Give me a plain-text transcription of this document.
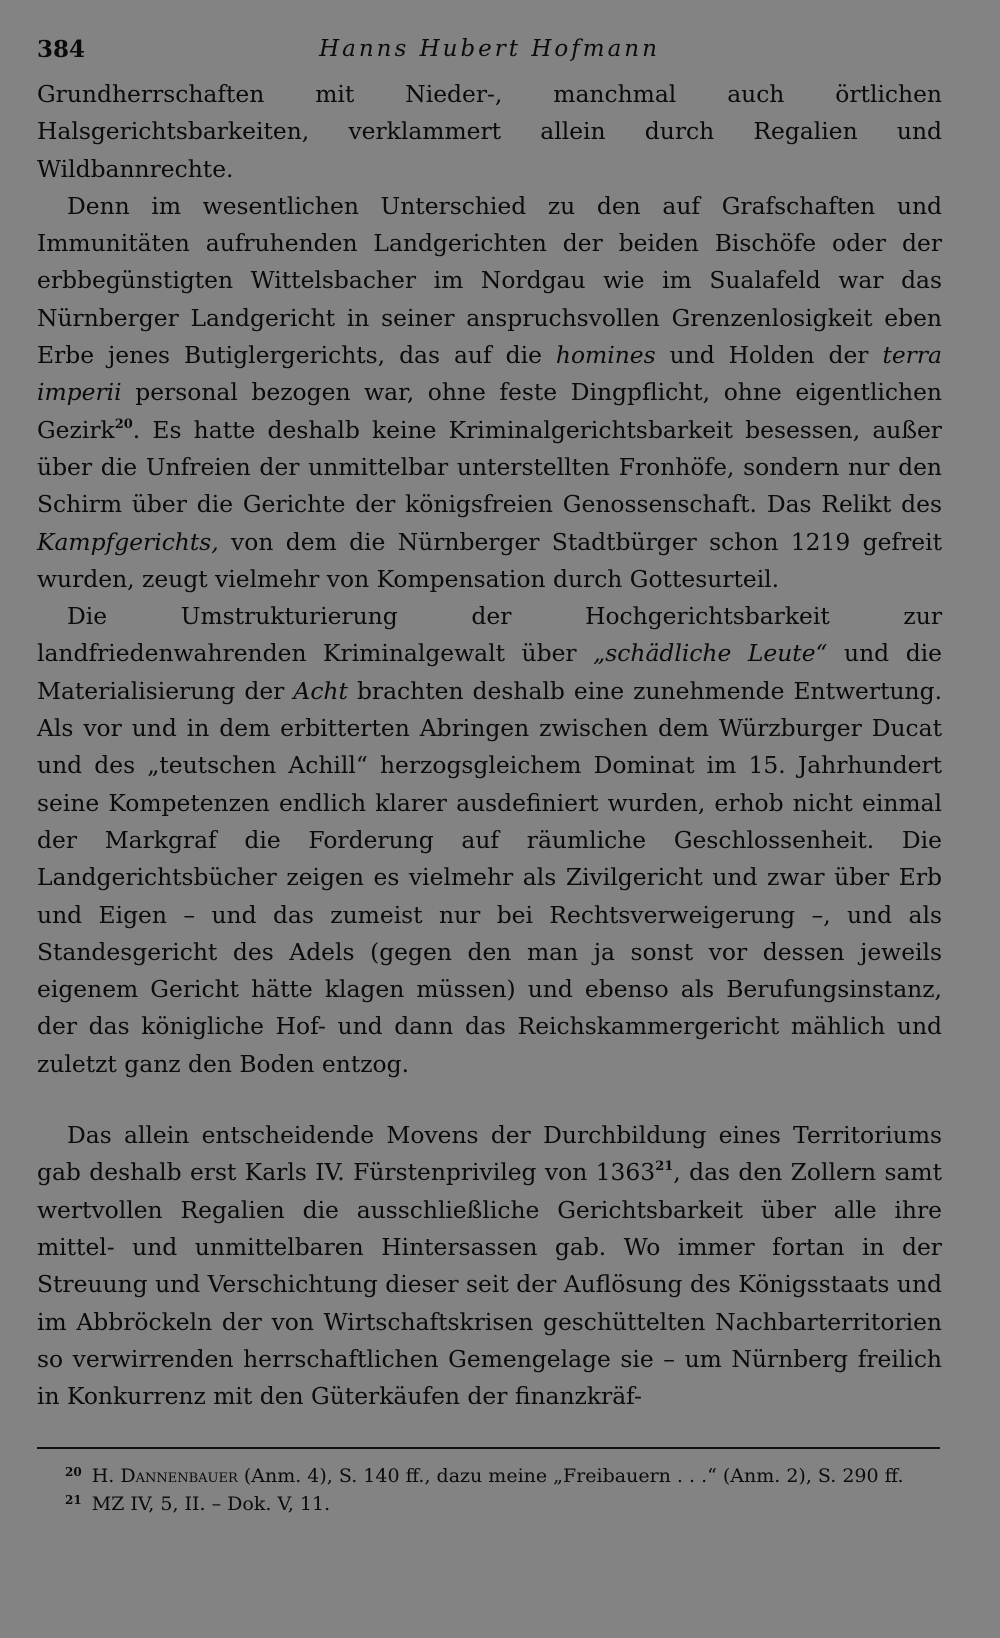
384	Hanns Hubert Hofmann

Grundherrschaften mit Nieder-, manchmal auch örtlichen Halsgerichtsbarkeiten, verklammert allein durch Regalien und Wildbannrechte.

Denn im wesentlichen Unterschied zu den auf Grafschaften und Immunitäten aufruhenden Landgerichten der beiden Bischöfe oder der erbbegünstigten Wittelsbacher im Nordgau wie im Sualafeld war das Nürnberger Landgericht in seiner anspruchsvollen Grenzenlosigkeit eben Erbe jenes Butiglergerichts, das auf die homines und Holden der terra imperii personal bezogen war, ohne feste Dingpflicht, ohne eigentlichen Gezirk$^{20}$. Es hatte deshalb keine Kriminalgerichtsbarkeit besessen, außer über die Unfreien der unmittelbar unterstellten Fronhöfe, sondern nur den Schirm über die Gerichte der königsfreien Genossenschaft. Das Relikt des Kampfgerichts, von dem die Nürnberger Stadtbürger schon 1219 gefreit wurden, zeugt vielmehr von Kompensation durch Gottesurteil.

Die Umstrukturierung der Hochgerichtsbarkeit zur landfriedenwahrenden Kriminalgewalt über „schädliche Leute“ und die Materialisierung der Acht brachten deshalb eine zunehmende Entwertung. Als vor und in dem erbitterten Abringen zwischen dem Würzburger Ducat und des „teutschen Achill“ herzogsgleichem Dominat im 15. Jahrhundert seine Kompetenzen endlich klarer ausdefiniert wurden, erhob nicht einmal der Markgraf die Forderung auf räumliche Geschlossenheit. Die Landgerichtsbücher zeigen es vielmehr als Zivilgericht und zwar über Erb und Eigen – und das zumeist nur bei Rechtsverweigerung –, und als Standesgericht des Adels (gegen den man ja sonst vor dessen jeweils eigenem Gericht hätte klagen müssen) und ebenso als Berufungsinstanz, der das königliche Hof- und dann das Reichskammergericht mählich und zuletzt ganz den Boden entzog.

Das allein entscheidende Movens der Durchbildung eines Territoriums gab deshalb erst Karls IV. Fürstenprivileg von 1363$^{21}$, das den Zollern samt wertvollen Regalien die ausschließliche Gerichtsbarkeit über alle ihre mittel- und unmittelbaren Hintersassen gab. Wo immer fortan in der Streuung und Verschichtung dieser seit der Auflösung des Königsstaats und im Abbröckeln der von Wirtschaftskrisen geschüttelten Nachbarterritorien so verwirrenden herrschaftlichen Gemengelage sie – um Nürnberg freilich in Konkurrenz mit den Güterkäufen der finanzkräf-

$^{20}$ H. Dannenbauer (Anm. 4), S. 140 ff., dazu meine „Freibauern . . .“ (Anm. 2), S. 290 ff.

$^{21}$ MZ IV, 5, II. – Dok. V, 11.
